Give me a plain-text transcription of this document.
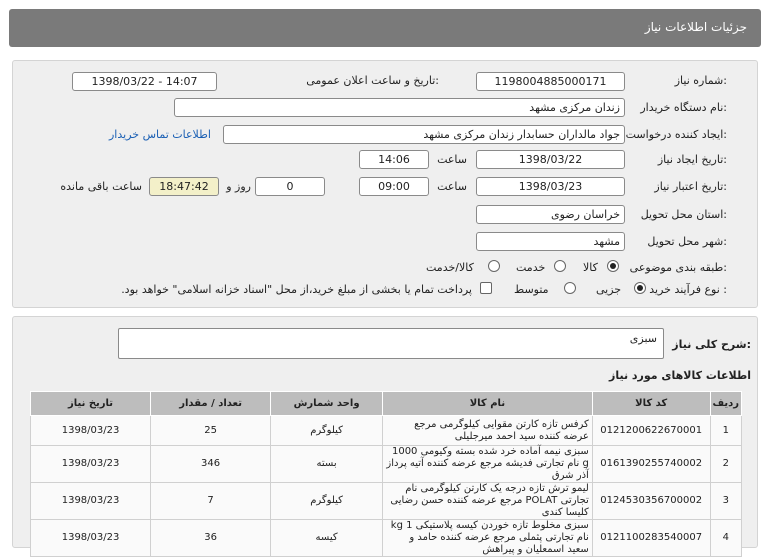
جزئیات اطلاعات نیاز
شماره نیاز:
1198004885000171
تاریخ و ساعت اعلان عمومی:
1398/03/22 - 14:07
نام دستگاه خریدار:
زندان مرکزی مشهد
ایجاد کننده درخواست:
جواد مالداران حسابدار زندان مرکزی مشهد
اطلاعات تماس خریدار
تاریخ ایجاد نیاز:
1398/03/22
ساعت
14:06
تاریخ اعتبار نیاز:
1398/03/23
ساعت
09:00
0
روز و
18:47:42
ساعت باقی مانده
استان محل تحویل:
خراسان رضوی
شهر محل تحویل:
مشهد
طبقه بندی موضوعی:
کالا
خدمت
کالا/خدمت
نوع فرآیند خرید :
جزیی
متوسط
پرداخت تمام یا بخشی از مبلغ خرید،از محل "اسناد خزانه اسلامی" خواهد بود.
شرح کلی نیاز:
سبزی
اطلاعات کالاهای مورد نیاز
ردیف	کد کالا	نام کالا	واحد شمارش	تعداد / مقدار	تاریخ نیاز
1	0121200622670001	کرفس تازه کارتن مقوایی کیلوگرمی مرجع عرضه کننده سید احمد میرجلیلی	کیلوگرم	25	1398/03/23
2	0161390255740002	سبزی نیمه آماده خرد شده بسته وکیومی 1000 g نام تجارتی فدیشه مرجع عرضه کننده آتیه پرداز آذر شرق	بسته	346	1398/03/23
3	0124530356700002	لیمو ترش تازه درجه یک کارتن کیلوگرمی نام تجارتی POLAT مرجع عرضه کننده حسن رضایی کلیسا کندی	کیلوگرم	7	1398/03/23
4	0121100283540007	سبزی مخلوط تازه خوردن کیسه پلاستیکی 1 kg نام تجارتی پثملی مرجع عرضه کننده حامد و سعید اسمعلیان و پیراهش	کیسه	36	1398/03/23
